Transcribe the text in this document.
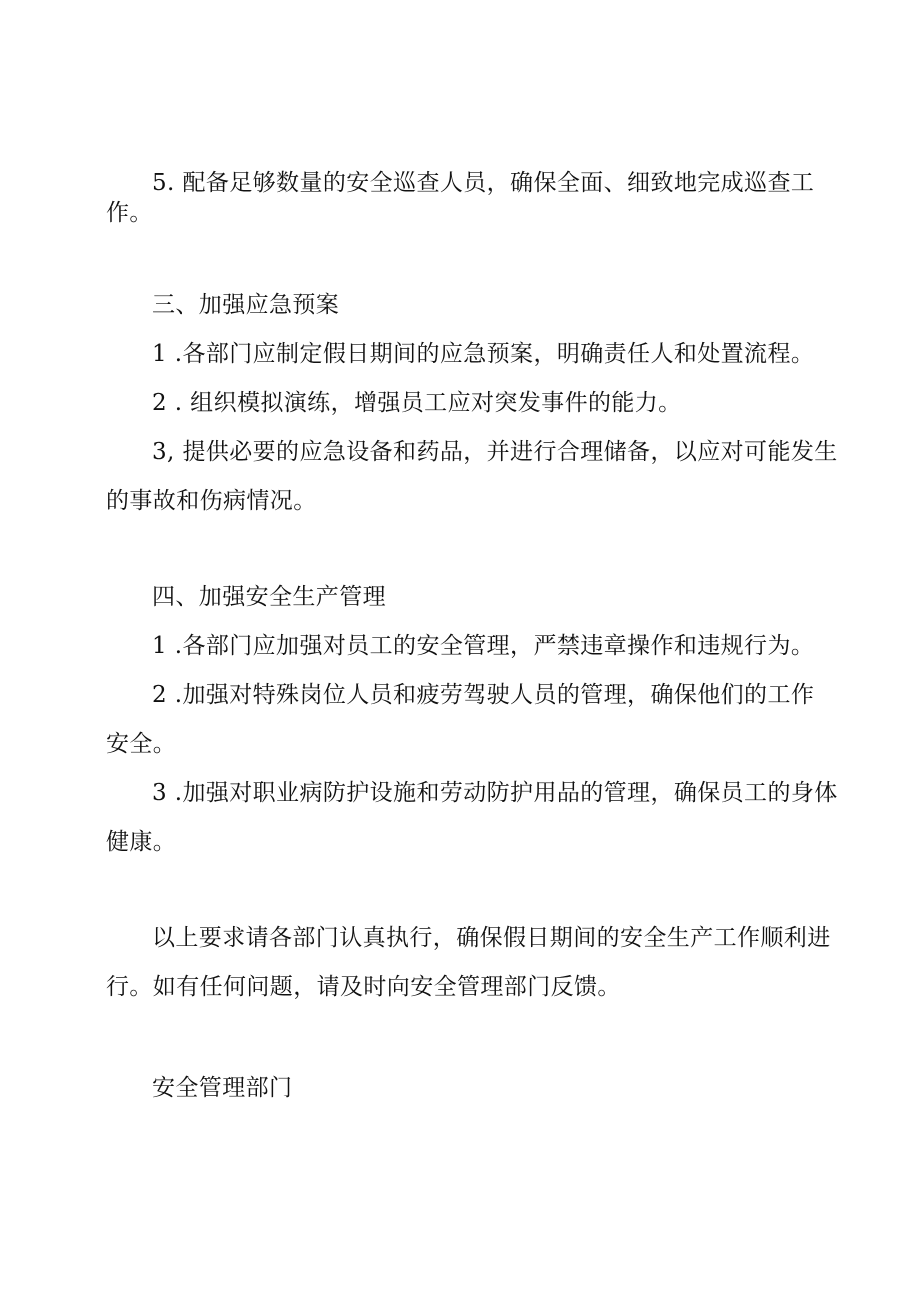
5. 配备足够数量的安全巡查人员，确保全面、细致地完成巡查工

作。

三、加强应急预案

1 .各部门应制定假日期间的应急预案，明确责任人和处置流程。

2 . 组织模拟演练，增强员工应对突发事件的能力。

3, 提供必要的应急设备和药品，并进行合理储备，以应对可能发生

的事故和伤病情况。

四、加强安全生产管理

1 .各部门应加强对员工的安全管理，严禁违章操作和违规行为。

2 .加强对特殊岗位人员和疲劳驾驶人员的管理，确保他们的工作

安全。

3 .加强对职业病防护设施和劳动防护用品的管理，确保员工的身体

健康。

以上要求请各部门认真执行，确保假日期间的安全生产工作顺利进

行。如有任何问题，请及时向安全管理部门反馈。

安全管理部门
